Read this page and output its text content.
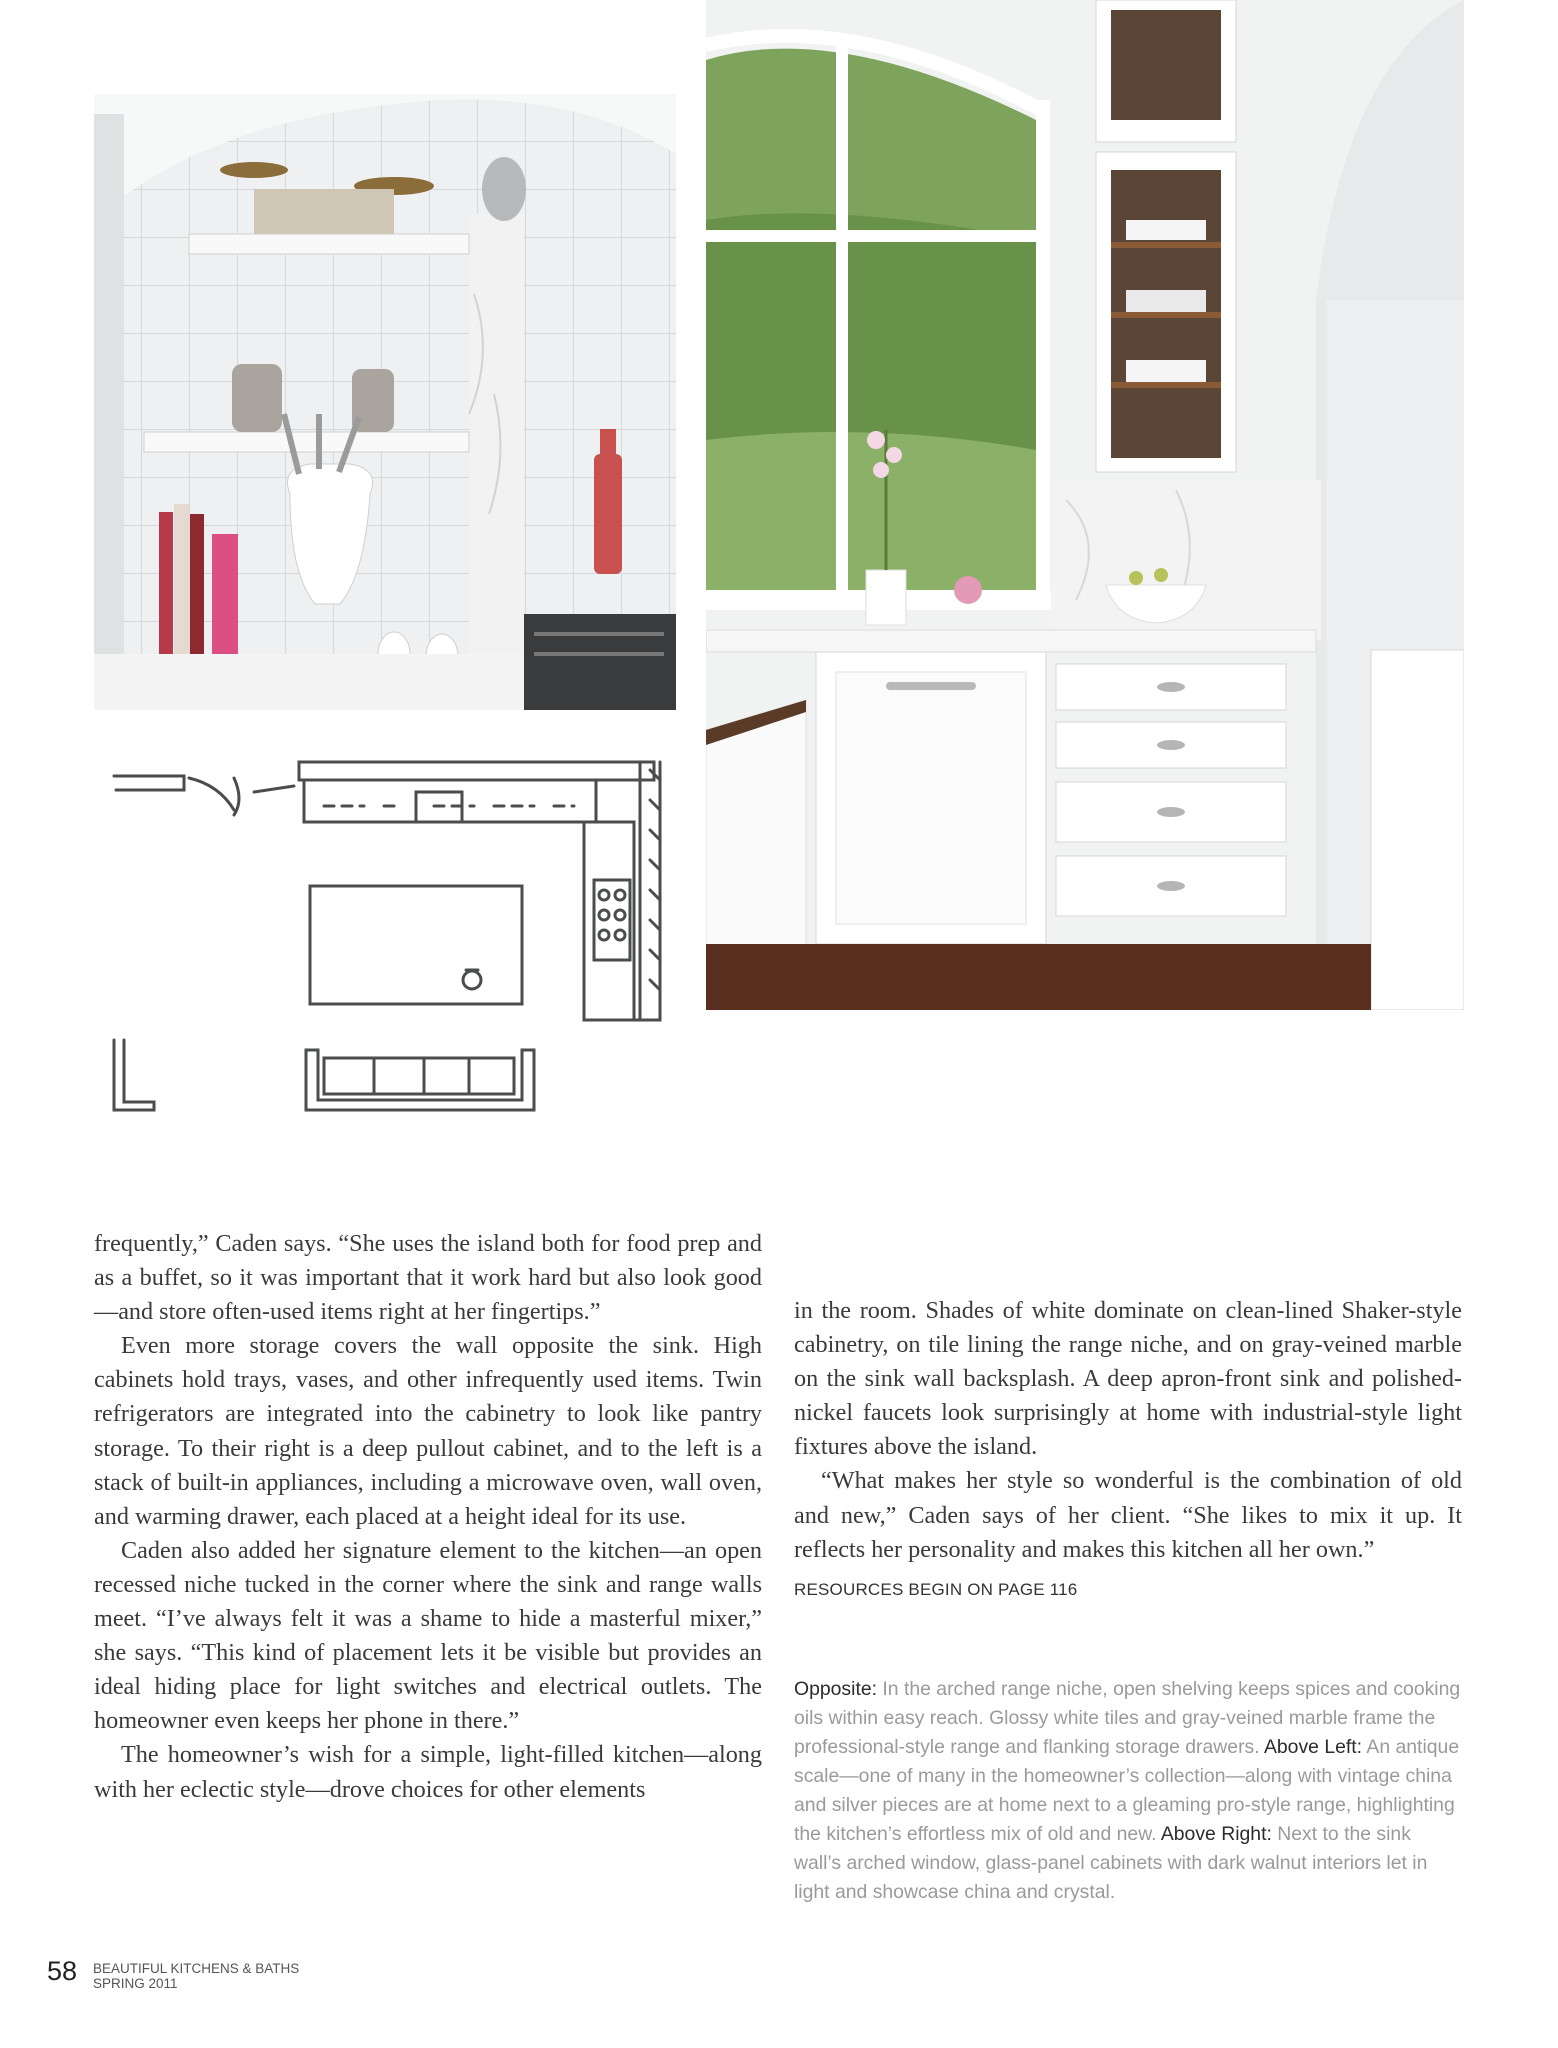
frequently,” Caden says. “She uses the island both for food prep and as a buffet, so it was important that it work hard but also look good—and store often-used items right at her fingertips.”

Even more storage covers the wall opposite the sink. High cabinets hold trays, vases, and other infrequently used items. Twin refrigerators are integrated into the cabinetry to look like pantry storage. To their right is a deep pullout cabinet, and to the left is a stack of built-in appliances, including a microwave oven, wall oven, and warming drawer, each placed at a height ideal for its use.

Caden also added her signature element to the kitchen—an open recessed niche tucked in the corner where the sink and range walls meet. “I’ve always felt it was a shame to hide a masterful mixer,” she says. “This kind of placement lets it be visible but provides an ideal hiding place for light switches and electrical outlets. The homeowner even keeps her phone in there.”

The homeowner’s wish for a simple, light-filled kitchen—along with her eclectic style—drove choices for other elements

in the room. Shades of white dominate on clean-lined Shaker-style cabinetry, on tile lining the range niche, and on gray-veined marble on the sink wall backsplash. A deep apron-front sink and polished-nickel faucets look surprisingly at home with industrial-style light fixtures above the island.

“What makes her style so wonderful is the combination of old and new,” Caden says of her client. “She likes to mix it up. It reflects her personality and makes this kitchen all her own.”

RESOURCES BEGIN ON PAGE 116
Opposite: In the arched range niche, open shelving keeps spices and cooking oils within easy reach. Glossy white tiles and gray-veined marble frame the professional-style range and flanking storage drawers. Above Left: An antique scale—one of many in the homeowner’s collection—along with vintage china and silver pieces are at home next to a gleaming pro-style range, highlighting the kitchen’s effortless mix of old and new. Above Right: Next to the sink wall’s arched window, glass-panel cabinets with dark walnut interiors let in light and showcase china and crystal.
58 BEAUTIFUL KITCHENS & BATHS
SPRING 2011
